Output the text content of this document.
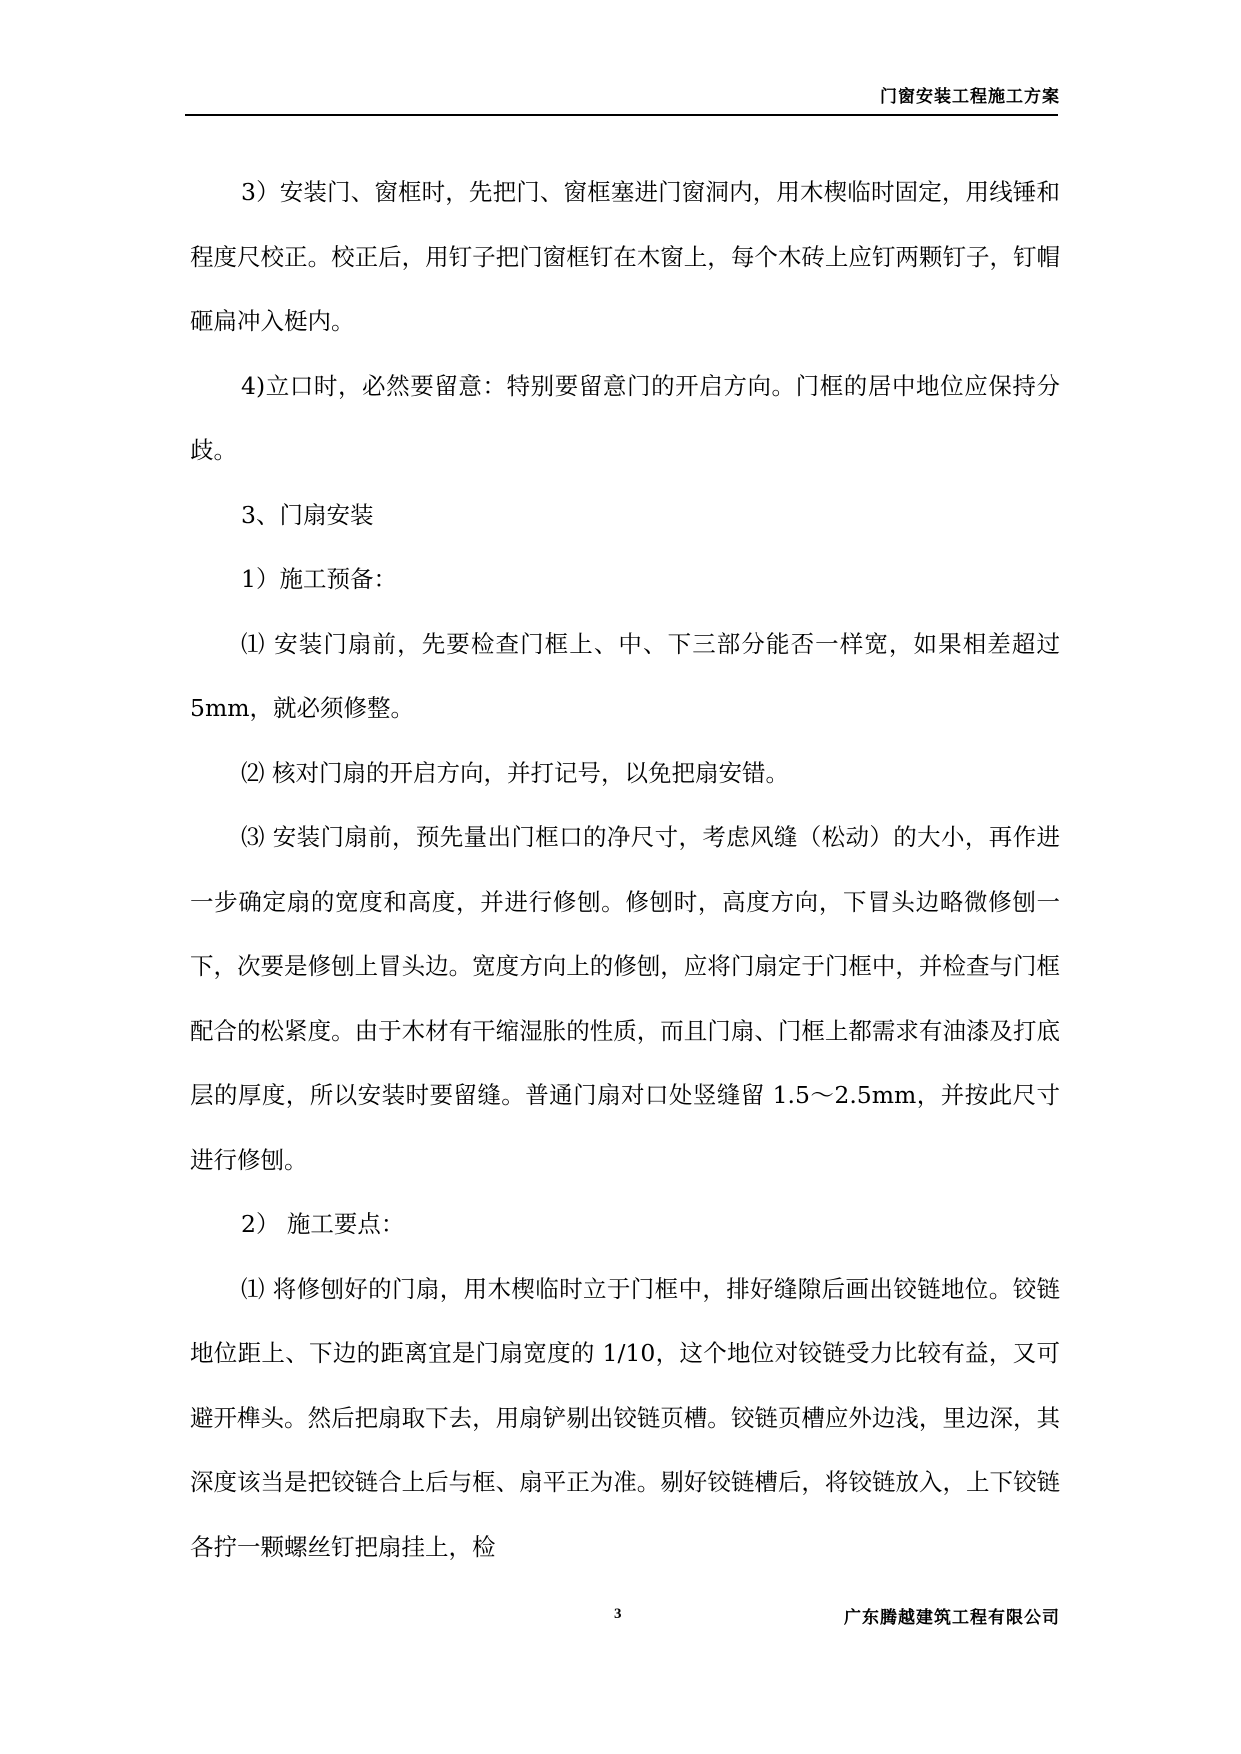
门窗安装工程施工方案

3）安装门、窗框时，先把门、窗框塞进门窗洞内，用木楔临时固定，用线锤和程度尺校正。校正后，用钉子把门窗框钉在木窗上，每个木砖上应钉两颗钉子，钉帽砸扁冲入梃内。

4)立口时，必然要留意：特别要留意门的开启方向。门框的居中地位应保持分歧。

3、门扇安装

1）施工预备：

⑴ 安装门扇前，先要检查门框上、中、下三部分能否一样宽，如果相差超过 5mm，就必须修整。

⑵ 核对门扇的开启方向，并打记号，以免把扇安错。

⑶ 安装门扇前，预先量出门框口的净尺寸，考虑风缝（松动）的大小，再作进一步确定扇的宽度和高度，并进行修刨。修刨时，高度方向，下冒头边略微修刨一下，次要是修刨上冒头边。宽度方向上的修刨，应将门扇定于门框中，并检查与门框配合的松紧度。由于木材有干缩湿胀的性质，而且门扇、门框上都需求有油漆及打底层的厚度，所以安装时要留缝。普通门扇对口处竖缝留 1.5～2.5mm，并按此尺寸进行修刨。

2） 施工要点：

⑴ 将修刨好的门扇，用木楔临时立于门框中，排好缝隙后画出铰链地位。铰链地位距上、下边的距离宜是门扇宽度的 1/10，这个地位对铰链受力比较有益，又可避开榫头。然后把扇取下去，用扇铲剔出铰链页槽。铰链页槽应外边浅，里边深，其深度该当是把铰链合上后与框、扇平正为准。剔好铰链槽后，将铰链放入，上下铰链各拧一颗螺丝钉把扇挂上，检

3	广东腾越建筑工程有限公司
